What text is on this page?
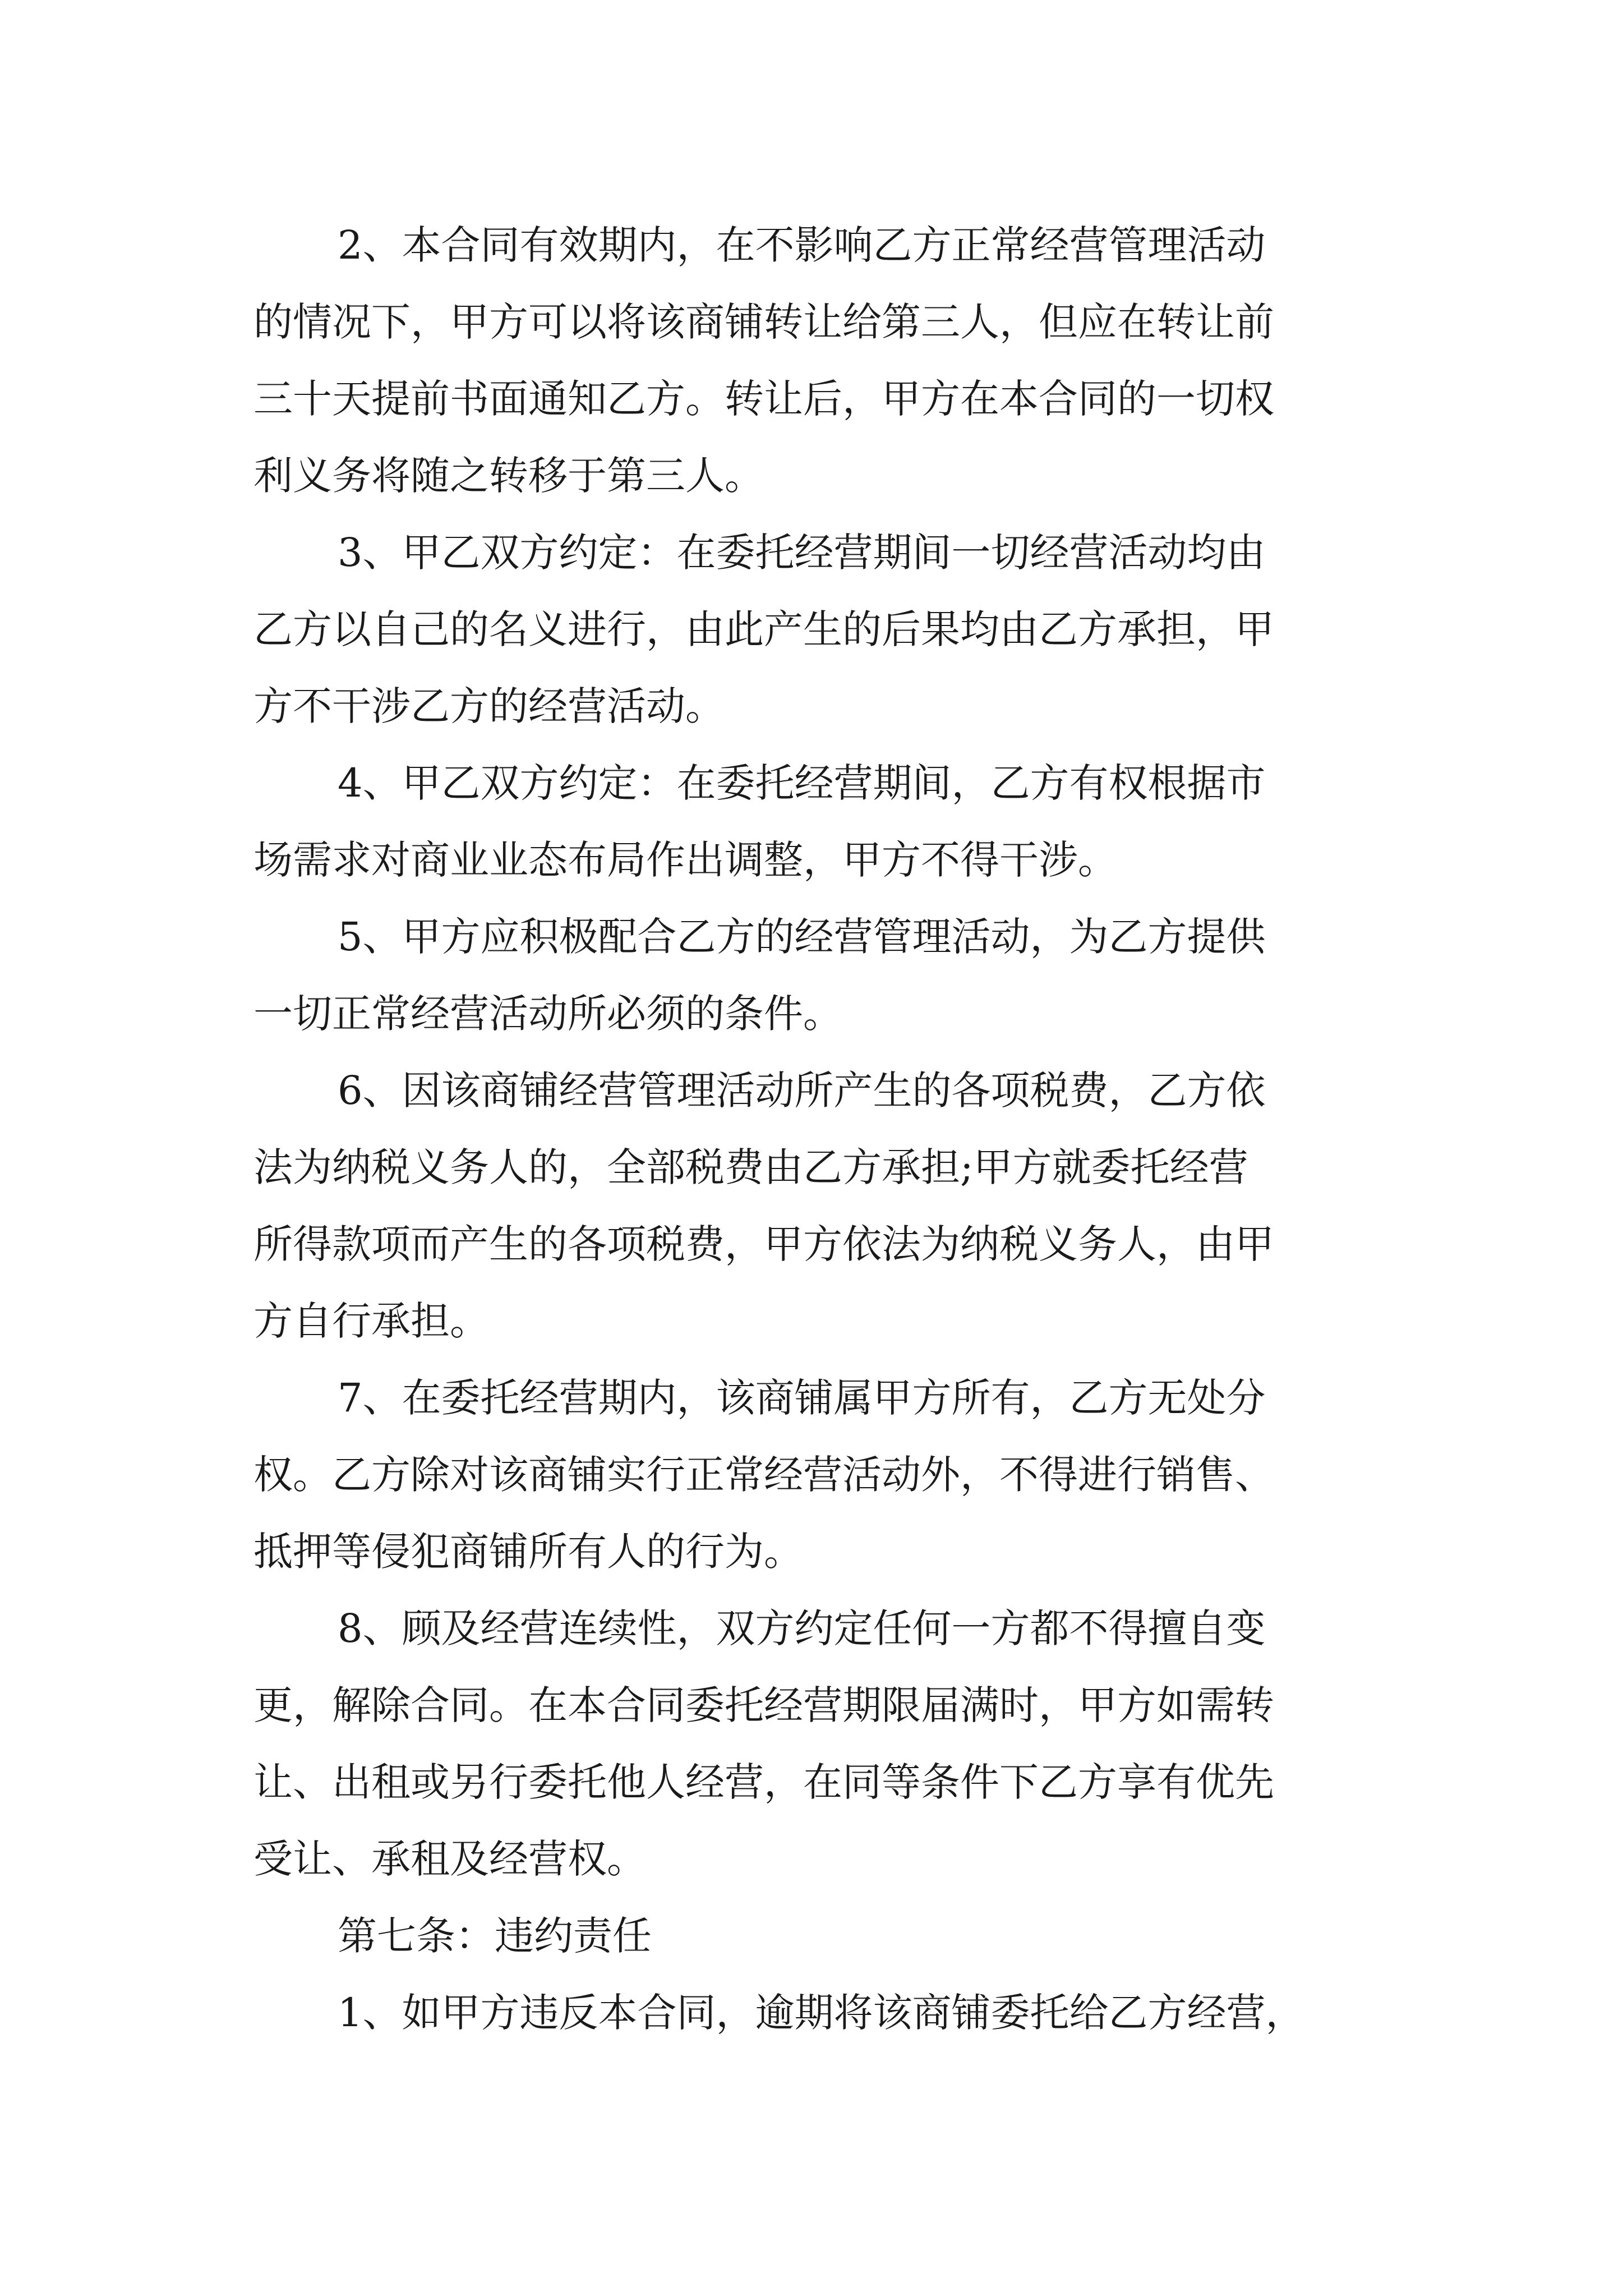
2、本合同有效期内，在不影响乙方正常经营管理活动

的情况下，甲方可以将该商铺转让给第三人，但应在转让前

三十天提前书面通知乙方。转让后，甲方在本合同的一切权

利义务将随之转移于第三人。

3、甲乙双方约定：在委托经营期间一切经营活动均由

乙方以自己的名义进行，由此产生的后果均由乙方承担，甲

方不干涉乙方的经营活动。

4、甲乙双方约定：在委托经营期间，乙方有权根据市

场需求对商业业态布局作出调整，甲方不得干涉。

5、甲方应积极配合乙方的经营管理活动，为乙方提供

一切正常经营活动所必须的条件。

6、因该商铺经营管理活动所产生的各项税费，乙方依

法为纳税义务人的，全部税费由乙方承担;甲方就委托经营

所得款项而产生的各项税费，甲方依法为纳税义务人，由甲

方自行承担。

7、在委托经营期内，该商铺属甲方所有，乙方无处分

权。乙方除对该商铺实行正常经营活动外，不得进行销售、

抵押等侵犯商铺所有人的行为。

8、顾及经营连续性，双方约定任何一方都不得擅自变

更，解除合同。在本合同委托经营期限届满时，甲方如需转

让、出租或另行委托他人经营，在同等条件下乙方享有优先

受让、承租及经营权。

第七条：违约责任

1、如甲方违反本合同，逾期将该商铺委托给乙方经营，
